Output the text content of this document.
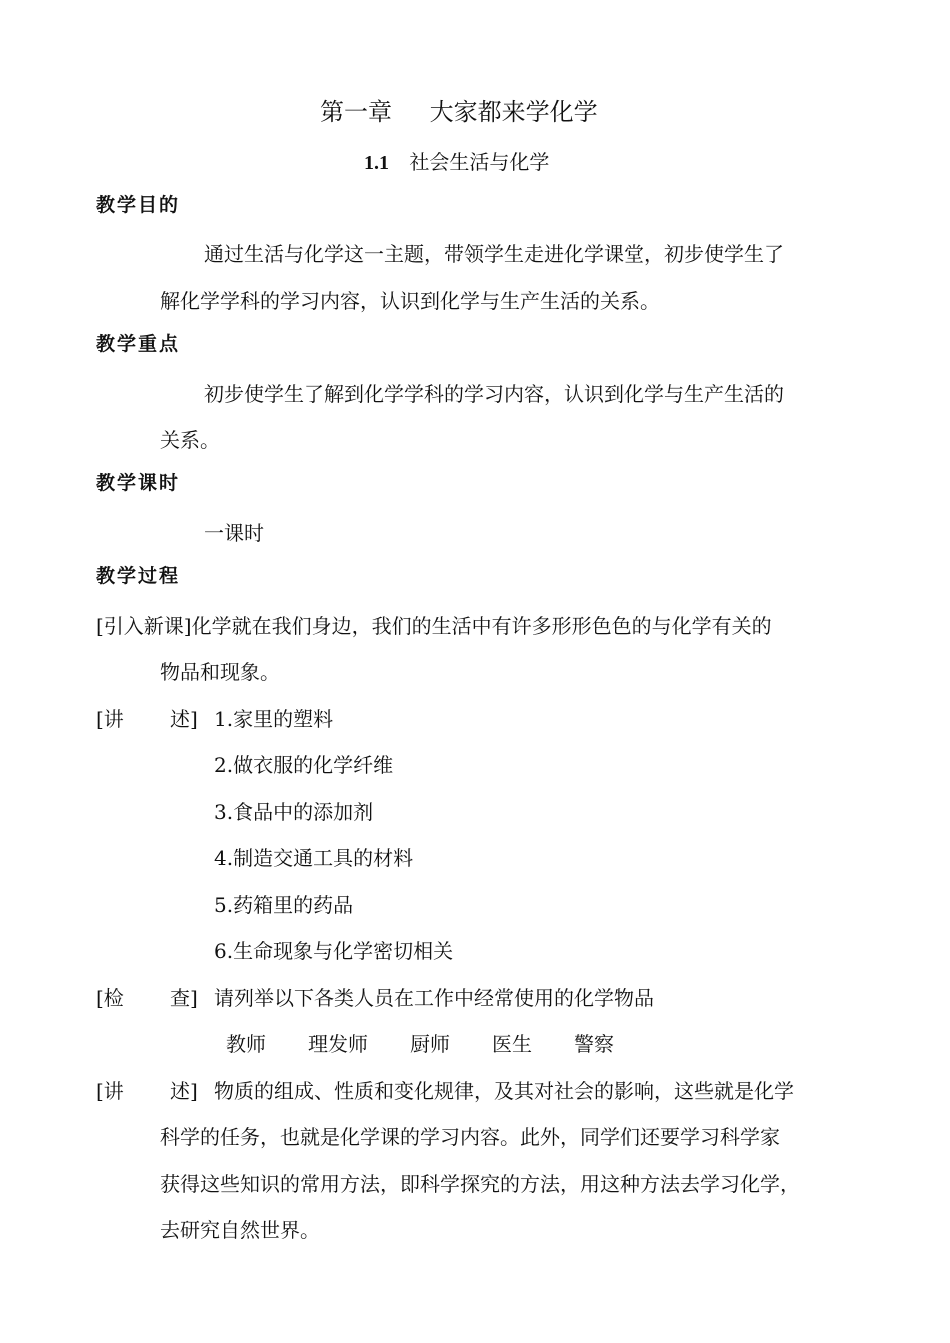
第一章 大家都来学化学
1.1 社会生活与化学
教学目的
通过生活与化学这一主题，带领学生走进化学课堂，初步使学生了
解化学学科的学习内容，认识到化学与生产生活的关系。
教学重点
初步使学生了解到化学学科的学习内容，认识到化学与生产生活的
关系。
教学课时
一课时
教学过程
[引入新课]化学就在我们身边，我们的生活中有许多形形色色的与化学有关的
物品和现象。
[讲 述] 1.家里的塑料
2.做衣服的化学纤维
3.食品中的添加剂
4.制造交通工具的材料
5.药箱里的药品
6.生命现象与化学密切相关
[检 查] 请列举以下各类人员在工作中经常使用的化学物品
教师 理发师 厨师 医生 警察
[讲 述] 物质的组成、性质和变化规律，及其对社会的影响，这些就是化学
科学的任务，也就是化学课的学习内容。此外，同学们还要学习科学家
获得这些知识的常用方法，即科学探究的方法，用这种方法去学习化学，
去研究自然世界。
